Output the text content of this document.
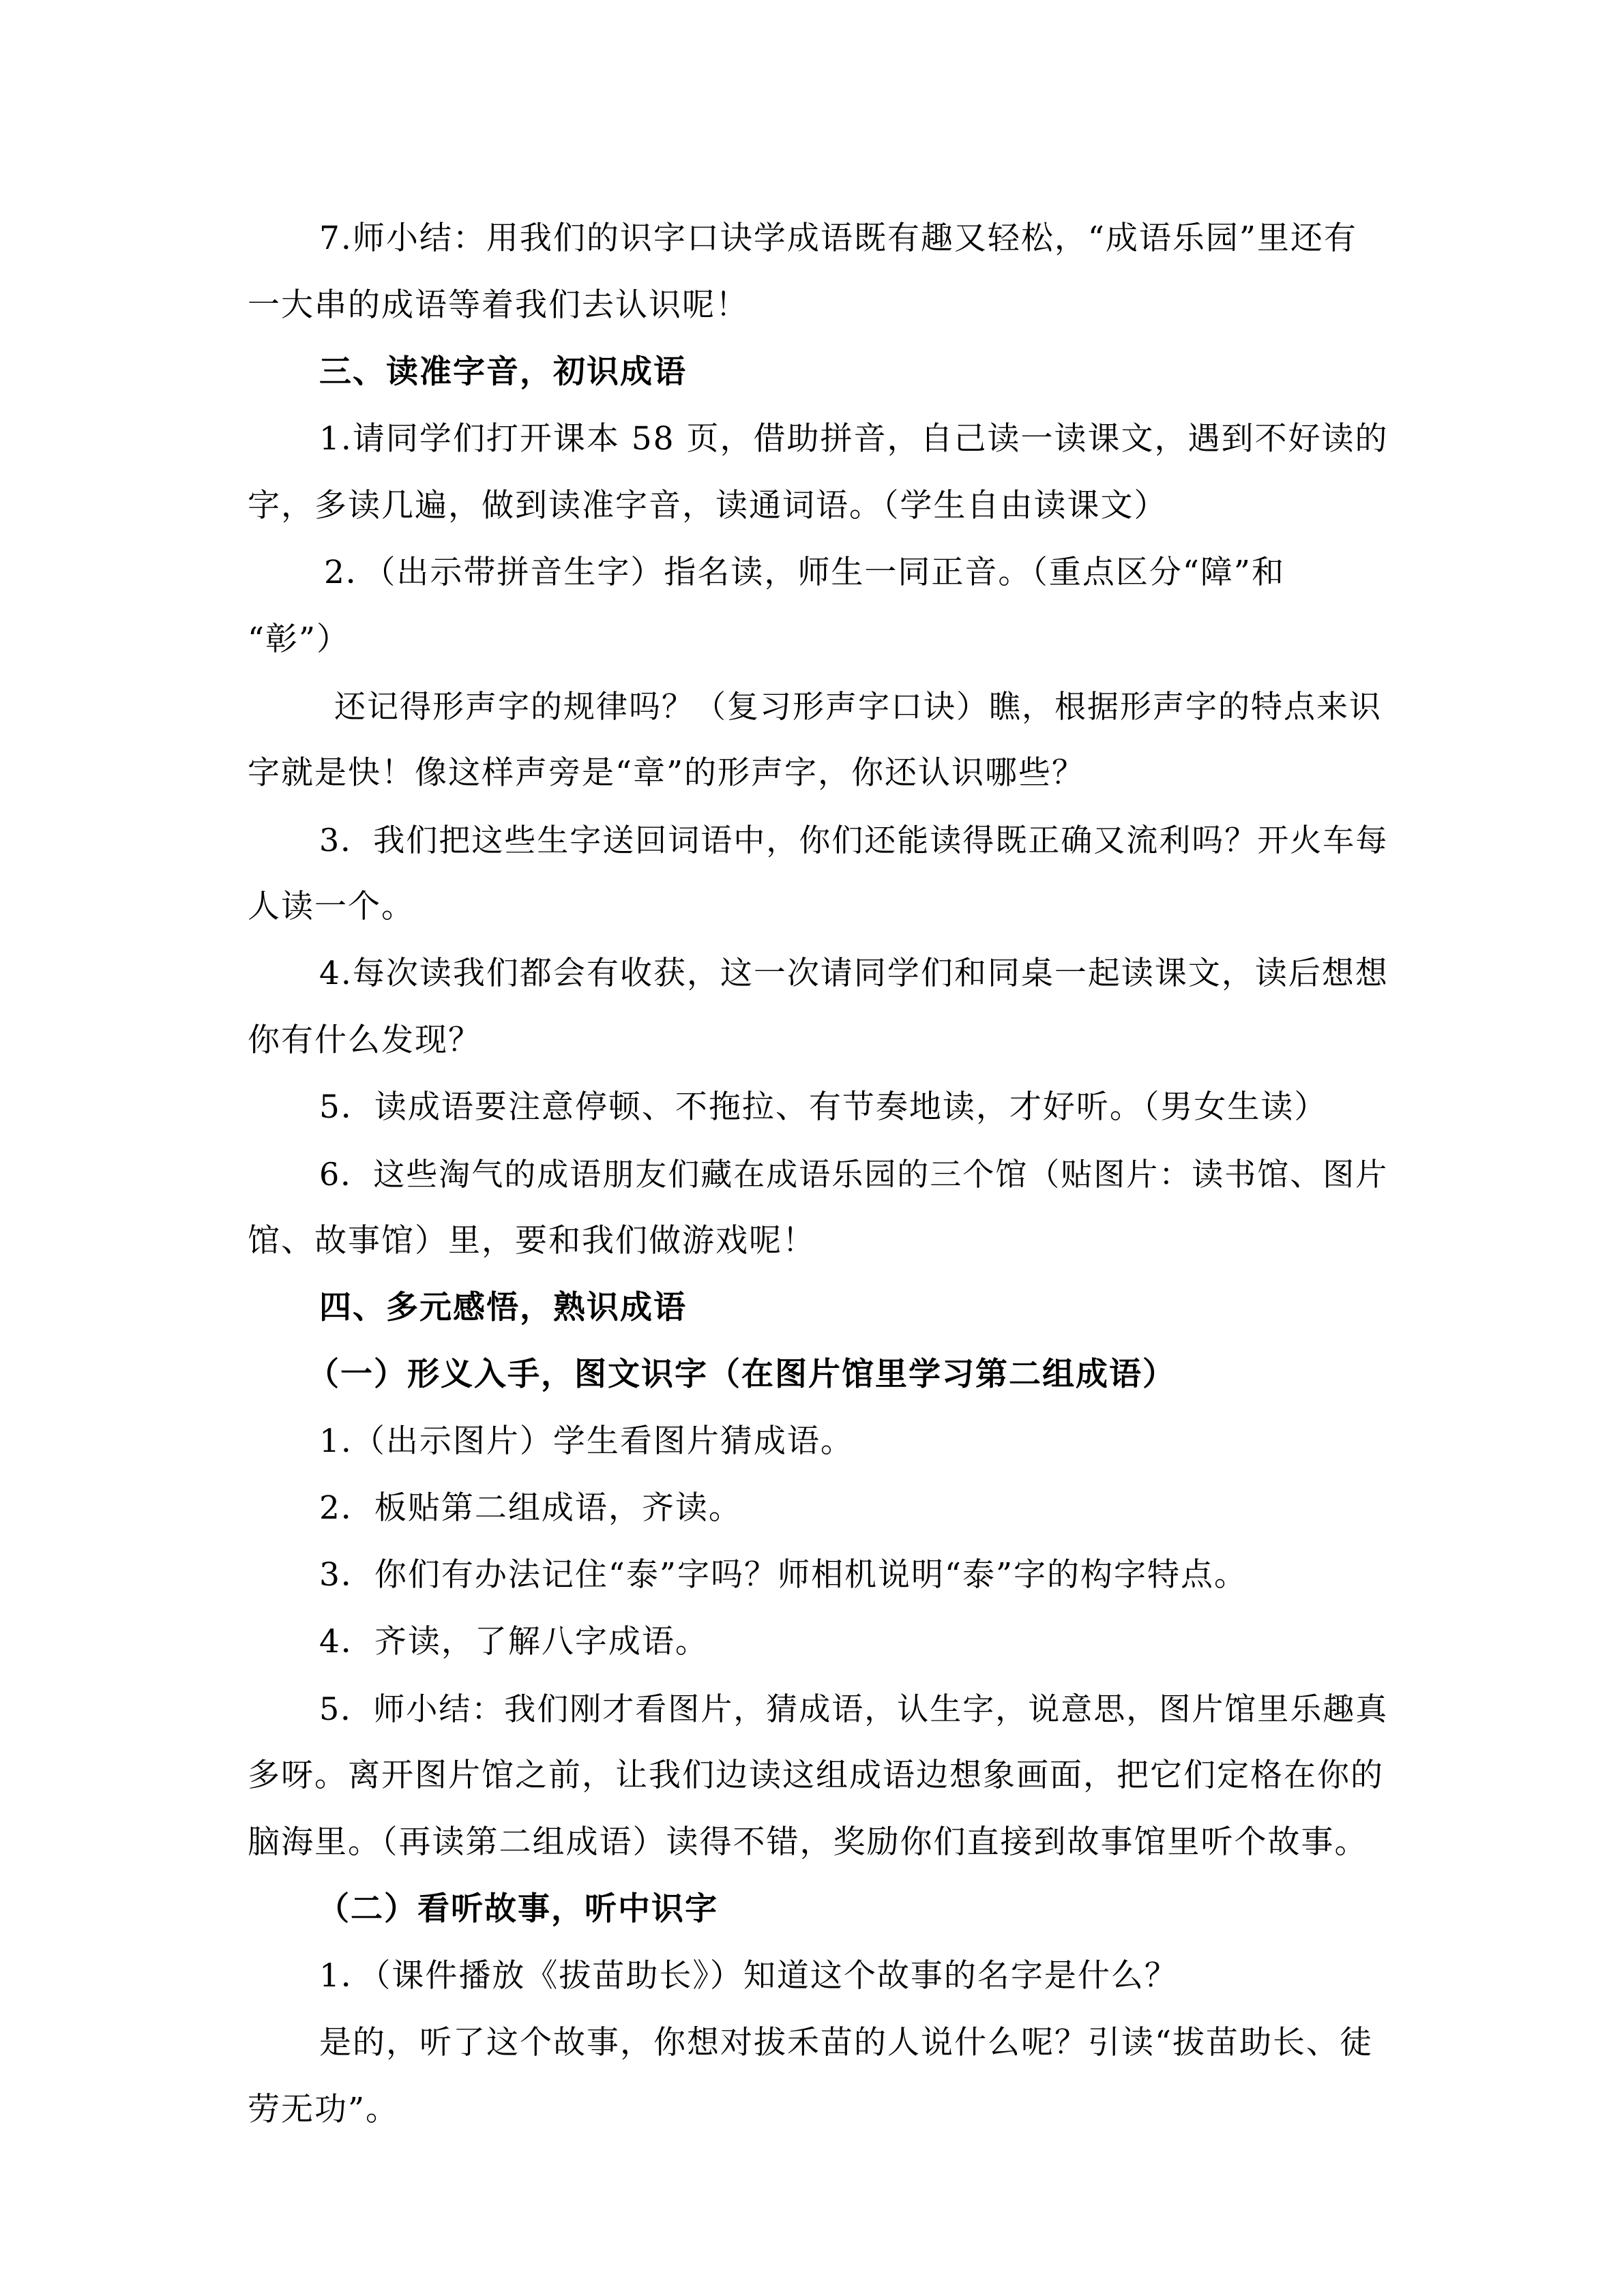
7.师小结：用我们的识字口诀学成语既有趣又轻松，“成语乐园”里还有
一大串的成语等着我们去认识呢！
三、读准字音，初识成语
1.请同学们打开课本 58 页，借助拼音，自己读一读课文，遇到不好读的
字，多读几遍，做到读准字音，读通词语。（学生自由读课文）
2．（出示带拼音生字）指名读，师生一同正音。（重点区分“障”和
“彰”）
还记得形声字的规律吗？（复习形声字口诀）瞧，根据形声字的特点来识
字就是快！像这样声旁是“章”的形声字，你还认识哪些？
3．我们把这些生字送回词语中，你们还能读得既正确又流利吗？开火车每
人读一个。
4.每次读我们都会有收获，这一次请同学们和同桌一起读课文，读后想想
你有什么发现？
5．读成语要注意停顿、不拖拉、有节奏地读，才好听。（男女生读）
6．这些淘气的成语朋友们藏在成语乐园的三个馆（贴图片：读书馆、图片
馆、故事馆）里，要和我们做游戏呢！
四、多元感悟，熟识成语
（一）形义入手，图文识字（在图片馆里学习第二组成语）
1.（出示图片）学生看图片猜成语。
2．板贴第二组成语，齐读。
3．你们有办法记住“泰”字吗？师相机说明“泰”字的构字特点。
4．齐读，了解八字成语。
5．师小结：我们刚才看图片，猜成语，认生字，说意思，图片馆里乐趣真
多呀。离开图片馆之前，让我们边读这组成语边想象画面，把它们定格在你的
脑海里。（再读第二组成语）读得不错，奖励你们直接到故事馆里听个故事。
（二）看听故事，听中识字
1．（课件播放《拔苗助长》）知道这个故事的名字是什么？
是的，听了这个故事，你想对拔禾苗的人说什么呢？引读“拔苗助长、徒
劳无功”。
